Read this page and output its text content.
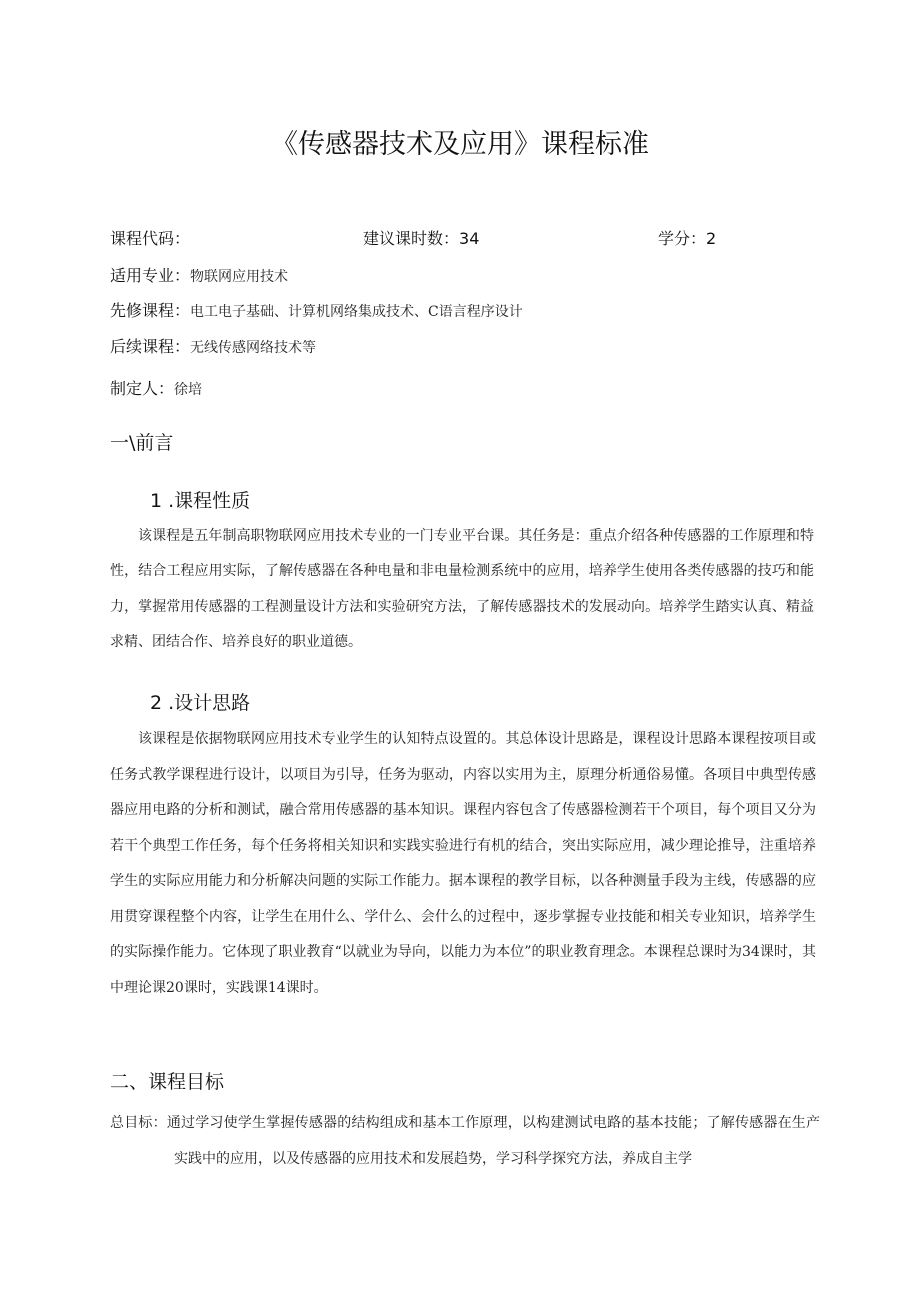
《传感器技术及应用》课程标准
课程代码：	建议课时数：34	学分：2
适用专业：物联网应用技术
先修课程：电工电子基础、计算机网络集成技术、C语言程序设计
后续课程：无线传感网络技术等
制定人：徐培
一\前言
1 .课程性质
该课程是五年制高职物联网应用技术专业的一门专业平台课。其任务是：重点介绍各种传感器的工作原理和特性，结合工程应用实际，了解传感器在各种电量和非电量检测系统中的应用，培养学生使用各类传感器的技巧和能力，掌握常用传感器的工程测量设计方法和实验研究方法，了解传感器技术的发展动向。培养学生踏实认真、精益求精、团结合作、培养良好的职业道德。
2 .设计思路
该课程是依据物联网应用技术专业学生的认知特点设置的。其总体设计思路是，课程设计思路本课程按项目或任务式教学课程进行设计，以项目为引导，任务为驱动，内容以实用为主，原理分析通俗易懂。各项目中典型传感器应用电路的分析和测试，融合常用传感器的基本知识。课程内容包含了传感器检测若干个项目，每个项目又分为若干个典型工作任务，每个任务将相关知识和实践实验进行有机的结合，突出实际应用，减少理论推导，注重培养学生的实际应用能力和分析解决问题的实际工作能力。据本课程的教学目标，以各种测量手段为主线，传感器的应用贯穿课程整个内容，让学生在用什么、学什么、会什么的过程中，逐步掌握专业技能和相关专业知识，培养学生的实际操作能力。它体现了职业教育“以就业为导向，以能力为本位”的职业教育理念。本课程总课时为34课时，其中理论课20课时，实践课14课时。
二、课程目标
总目标：通过学习使学生掌握传感器的结构组成和基本工作原理，以构建测试电路的基本技能；了解传感器在生产实践中的应用，以及传感器的应用技术和发展趋势，学习科学探究方法，养成自主学
